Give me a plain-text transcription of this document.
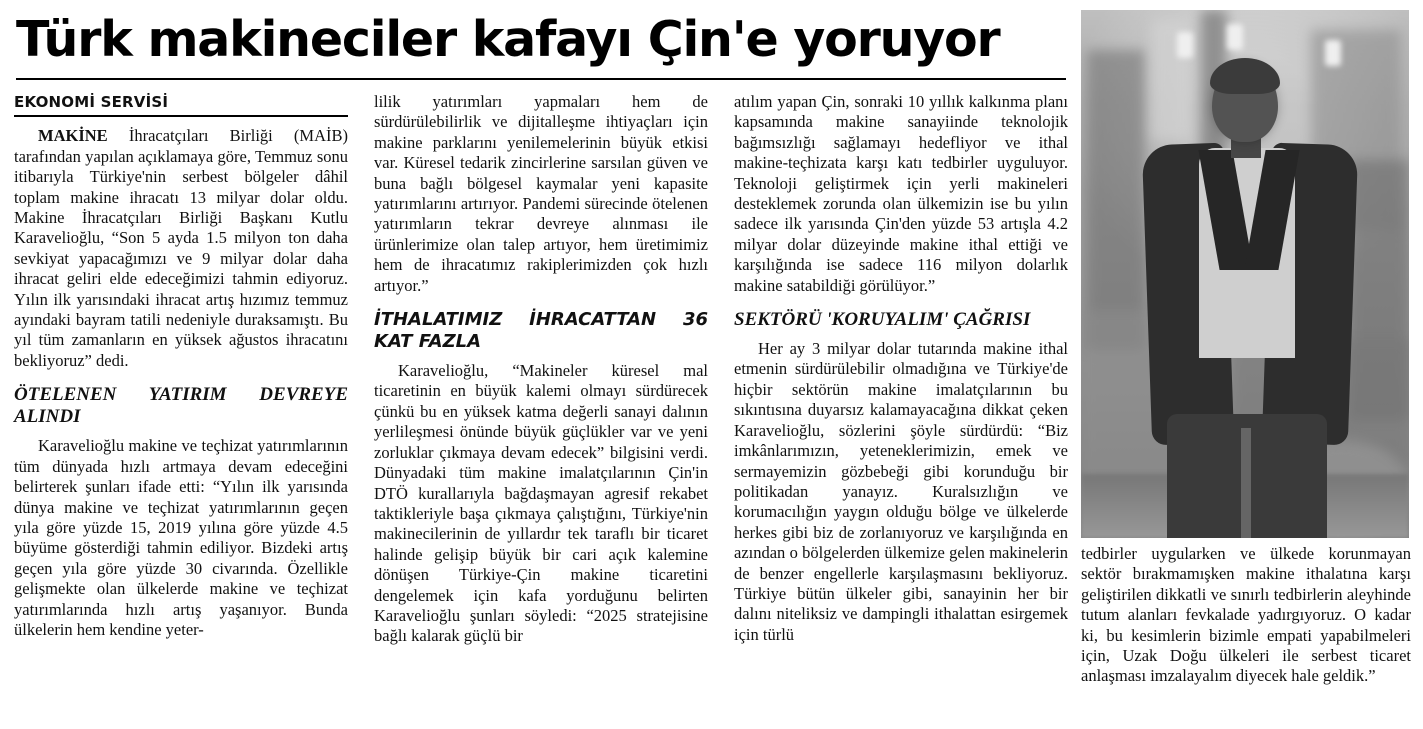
Türk makineciler kafayı Çin'e yoruyor
EKONOMİ SERVİSİ

MAKİNE İhracatçıları Birliği (MAİB) tarafından yapılan açıklamaya göre, Temmuz sonu itibarıyla Türkiye'nin serbest bölgeler dâhil toplam makine ihracatı 13 milyar dolar oldu. Makine İhracatçıları Birliği Başkanı Kutlu Karavelioğlu, “Son 5 ayda 1.5 milyon ton daha sevkiyat yapacağımızı ve 9 milyar dolar daha ihracat geliri elde edeceğimizi tahmin ediyoruz. Yılın ilk yarısındaki ihracat artış hızımız temmuz ayındaki bayram tatili nedeniyle duraksamıştı. Bu yıl tüm zamanların en yüksek ağustos ihracatını bekliyoruz” dedi.

ÖTELENEN YATIRIM DEVREYE ALINDI

Karavelioğlu makine ve teçhizat yatırımlarının tüm dünyada hızlı artmaya devam edeceğini belirterek şunları ifade etti: “Yılın ilk yarısında dünya makine ve teçhizat yatırımlarının geçen yıla göre yüzde 15, 2019 yılına göre yüzde 4.5 büyüme gösterdiği tahmin ediliyor. Bizdeki artış geçen yıla göre yüzde 30 civarında. Özellikle gelişmekte olan ülkelerde makine ve teçhizat yatırımlarında hızlı artış yaşanıyor. Bunda ülkelerin hem kendine yeter-

lilik yatırımları yapmaları hem de sürdürülebilirlik ve dijitalleşme ihtiyaçları için makine parklarını yenilemelerinin büyük etkisi var. Küresel tedarik zincirlerine sarsılan güven ve buna bağlı bölgesel kaymalar yeni kapasite yatırımlarını artırıyor. Pandemi sürecinde ötelenen yatırımların tekrar devreye alınması ile ürünlerimize olan talep artıyor, hem üretimimiz hem de ihracatımız rakiplerimizden çok hızlı artıyor.”

İTHALATIMIZ İHRACATTAN 36 KAT FAZLA

Karavelioğlu, “Makineler küresel mal ticaretinin en büyük kalemi olmayı sürdürecek çünkü bu en yüksek katma değerli sanayi dalının yerlileşmesi önünde büyük güçlükler var ve yeni zorluklar çıkmaya devam edecek” bilgisini verdi. Dünyadaki tüm makine imalatçılarının Çin'in DTÖ kurallarıyla bağdaşmayan agresif rekabet taktikleriyle başa çıkmaya çalıştığını, Türkiye'nin makinecilerinin de yıllardır tek taraflı bir ticaret halinde gelişip büyük bir cari açık kalemine dönüşen Türkiye-Çin makine ticaretini dengelemek için kafa yorduğunu belirten Karavelioğlu şunları söyledi: “2025 stratejisine bağlı kalarak güçlü bir

atılım yapan Çin, sonraki 10 yıllık kalkınma planı kapsamında makine sanayiinde teknolojik bağımsızlığı sağlamayı hedefliyor ve ithal makine-teçhizata karşı katı tedbirler uyguluyor. Teknoloji geliştirmek için yerli makineleri desteklemek zorunda olan ülkemizin ise bu yılın sadece ilk yarısında Çin'den yüzde 53 artışla 4.2 milyar dolar düzeyinde makine ithal ettiği ve karşılığında ise sadece 116 milyon dolarlık makine satabildiği görülüyor.”

SEKTÖRÜ 'KORUYALIM' ÇAĞRISI

Her ay 3 milyar dolar tutarında makine ithal etmenin sürdürülebilir olmadığına ve Türkiye'de hiçbir sektörün makine imalatçılarının bu sıkıntısına duyarsız kalamayacağına dikkat çeken Karavelioğlu, sözlerini şöyle sürdürdü: “Biz imkânlarımızın, yeteneklerimizin, emek ve sermayemizin gözbebeği gibi korunduğu bir politikadan yanayız. Kuralsızlığın ve korumacılığın yaygın olduğu bölge ve ülkelerde herkes gibi biz de zorlanıyoruz ve karşılığında en azından o bölgelerden ülkemize gelen makinelerin de benzer engellerle karşılaşmasını bekliyoruz. Türkiye bütün ülkeler gibi, sanayinin her bir dalını niteliksiz ve dampingli ithalattan esirgemek için türlü

tedbirler uygularken ve ülkede korunmayan sektör bırakmamışken makine ithalatına karşı geliştirilen dikkatli ve sınırlı tedbirlerin aleyhinde tutum alanları fevkalade yadırgıyoruz. O kadar ki, bu kesimlerin bizimle empati yapabilmeleri için, Uzak Doğu ülkeleri ile serbest ticaret anlaşması imzalayalım diyecek hale geldik.”
